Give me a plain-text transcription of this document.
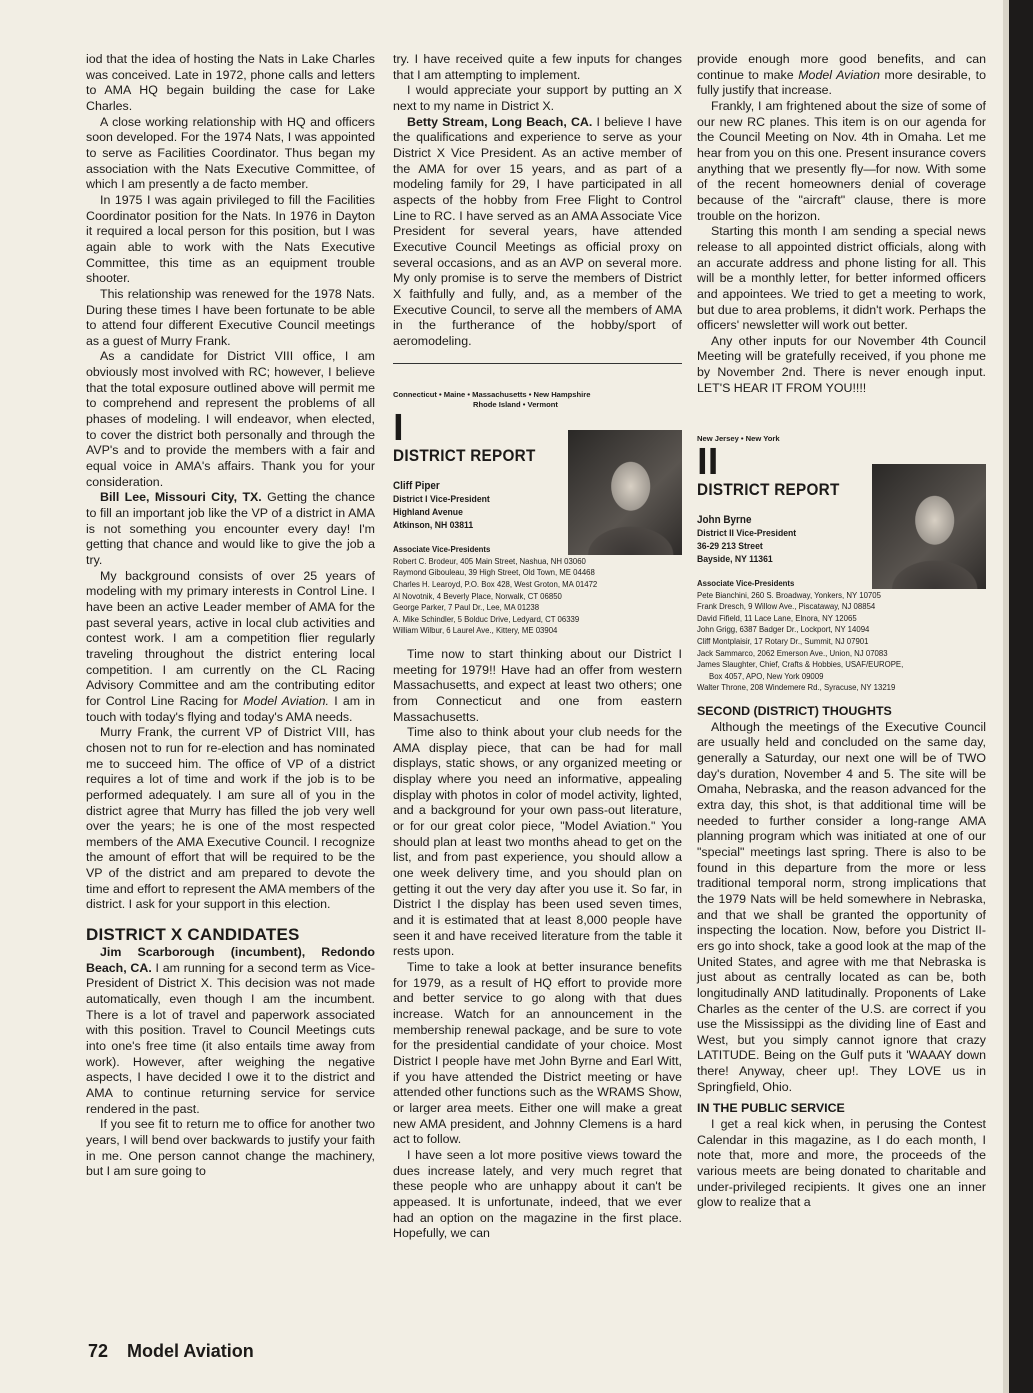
iod that the idea of hosting the Nats in Lake Charles was conceived. Late in 1972, phone calls and letters to AMA HQ begain building the case for Lake Charles.

A close working relationship with HQ and officers soon developed. For the 1974 Nats, I was appointed to serve as Facilities Coordinator. Thus began my association with the Nats Executive Committee, of which I am presently a de facto member.

In 1975 I was again privileged to fill the Facilities Coordinator position for the Nats. In 1976 in Dayton it required a local person for this position, but I was again able to work with the Nats Executive Committee, this time as an equipment trouble shooter.

This relationship was renewed for the 1978 Nats. During these times I have been fortunate to be able to attend four different Executive Council meetings as a guest of Murry Frank.

As a candidate for District VIII office, I am obviously most involved with RC; however, I believe that the total exposure outlined above will permit me to comprehend and represent the problems of all phases of modeling. I will endeavor, when elected, to cover the district both personally and through the AVP's and to provide the members with a fair and equal voice in AMA's affairs. Thank you for your consideration.

Bill Lee, Missouri City, TX. Getting the chance to fill an important job like the VP of a district in AMA is not something you encounter every day! I'm getting that chance and would like to give the job a try.

My background consists of over 25 years of modeling with my primary interests in Control Line. I have been an active Leader member of AMA for the past several years, active in local club activities and contest work. I am a competition flier regularly traveling throughout the district entering local competition. I am currently on the CL Racing Advisory Committee and am the contributing editor for Control Line Racing for Model Aviation. I am in touch with today's flying and today's AMA needs.

Murry Frank, the current VP of District VIII, has chosen not to run for re-election and has nominated me to succeed him. The office of VP of a district requires a lot of time and work if the job is to be performed adequately. I am sure all of you in the district agree that Murry has filled the job very well over the years; he is one of the most respected members of the AMA Executive Council. I recognize the amount of effort that will be required to be the VP of the district and am prepared to devote the time and effort to represent the AMA members of the district. I ask for your support in this election.

DISTRICT X CANDIDATES

Jim Scarborough (incumbent), Redondo Beach, CA. I am running for a second term as Vice-President of District X. This decision was not made automatically, even though I am the incumbent. There is a lot of travel and paperwork associated with this position. Travel to Council Meetings cuts into one's free time (it also entails time away from work). However, after weighing the negative aspects, I have decided I owe it to the district and AMA to continue returning service for service rendered in the past.

If you see fit to return me to office for another two years, I will bend over backwards to justify your faith in me. One person cannot change the machinery, but I am sure going to

try. I have received quite a few inputs for changes that I am attempting to implement.

I would appreciate your support by putting an X next to my name in District X.

Betty Stream, Long Beach, CA. I believe I have the qualifications and experience to serve as your District X Vice President. As an active member of the AMA for over 15 years, and as part of a modeling family for 29, I have participated in all aspects of the hobby from Free Flight to Control Line to RC. I have served as an AMA Associate Vice President for several years, have attended Executive Council Meetings as official proxy on several occasions, and as an AVP on several more. My only promise is to serve the members of District X faithfully and fully, and, as a member of the Executive Council, to serve all the members of AMA in the furtherance of the hobby/sport of aeromodeling.

Connecticut • Maine • Massachusetts • New Hampshire
Rhode Island • Vermont
I
DISTRICT REPORT
Cliff Piper
District I Vice-President
Highland Avenue
Atkinson, NH 03811
Associate Vice-Presidents
Robert C. Brodeur, 405 Main Street, Nashua, NH 03060
Raymond Gibouleau, 39 High Street, Old Town, ME 04468
Charles H. Learoyd, P.O. Box 428, West Groton, MA 01472
Al Novotnik, 4 Beverly Place, Norwalk, CT 06850
George Parker, 7 Paul Dr., Lee, MA 01238
A. Mike Schindler, 5 Bolduc Drive, Ledyard, CT 06339
William Wilbur, 6 Laurel Ave., Kittery, ME 03904

Time now to start thinking about our District I meeting for 1979!! Have had an offer from western Massachusetts, and expect at least two others; one from Connecticut and one from eastern Massachusetts.

Time also to think about your club needs for the AMA display piece, that can be had for mall displays, static shows, or any organized meeting or display where you need an informative, appealing display with photos in color of model activity, lighted, and a background for your own pass-out literature, or for our great color piece, "Model Aviation." You should plan at least two months ahead to get on the list, and from past experience, you should allow a one week delivery time, and you should plan on getting it out the very day after you use it. So far, in District I the display has been used seven times, and it is estimated that at least 8,000 people have seen it and have received literature from the table it rests upon.

Time to take a look at better insurance benefits for 1979, as a result of HQ effort to provide more and better service to go along with that dues increase. Watch for an announcement in the membership renewal package, and be sure to vote for the presidential candidate of your choice. Most District I people have met John Byrne and Earl Witt, if you have attended the District meeting or have attended other functions such as the WRAMS Show, or larger area meets. Either one will make a great new AMA president, and Johnny Clemens is a hard act to follow.

I have seen a lot more positive views toward the dues increase lately, and very much regret that these people who are unhappy about it can't be appeased. It is unfortunate, indeed, that we ever had an option on the magazine in the first place. Hopefully, we can

provide enough more good benefits, and can continue to make Model Aviation more desirable, to fully justify that increase.

Frankly, I am frightened about the size of some of our new RC planes. This item is on our agenda for the Council Meeting on Nov. 4th in Omaha. Let me hear from you on this one. Present insurance covers anything that we presently fly—for now. With some of the recent homeowners denial of coverage because of the "aircraft" clause, there is more trouble on the horizon.

Starting this month I am sending a special news release to all appointed district officials, along with an accurate address and phone listing for all. This will be a monthly letter, for better informed officers and appointees. We tried to get a meeting to work, but due to area problems, it didn't work. Perhaps the officers' newsletter will work out better.

Any other inputs for our November 4th Council Meeting will be gratefully received, if you phone me by November 2nd. There is never enough input. LET'S HEAR IT FROM YOU!!!!

New Jersey • New York
II
DISTRICT REPORT
John Byrne
District II Vice-President
36-29 213 Street
Bayside, NY 11361
Associate Vice-Presidents
Pete Bianchini, 260 S. Broadway, Yonkers, NY 10705
Frank Dresch, 9 Willow Ave., Piscataway, NJ 08854
David Fifield, 11 Lace Lane, Elnora, NY 12065
John Grigg, 6387 Badger Dr., Lockport, NY 14094
Cliff Montplaisir, 17 Rotary Dr., Summit, NJ 07901
Jack Sammarco, 2062 Emerson Ave., Union, NJ 07083
James Slaughter, Chief, Crafts & Hobbies, USAF/EUROPE,
Box 4057, APO, New York 09009
Walter Throne, 208 Windemere Rd., Syracuse, NY 13219
SECOND (DISTRICT) THOUGHTS

Although the meetings of the Executive Council are usually held and concluded on the same day, generally a Saturday, our next one will be of TWO day's duration, November 4 and 5. The site will be Omaha, Nebraska, and the reason advanced for the extra day, this shot, is that additional time will be needed to further consider a long-range AMA planning program which was initiated at one of our "special" meetings last spring. There is also to be found in this departure from the more or less traditional temporal norm, strong implications that the 1979 Nats will be held somewhere in Nebraska, and that we shall be granted the opportunity of inspecting the location. Now, before you District II-ers go into shock, take a good look at the map of the United States, and agree with me that Nebraska is just about as centrally located as can be, both longitudinally AND latitudinally. Proponents of Lake Charles as the center of the U.S. are correct if you use the Mississippi as the dividing line of East and West, but you simply cannot ignore that crazy LATITUDE. Being on the Gulf puts it 'WAAAY down there! Anyway, cheer up!. They LOVE us in Springfield, Ohio.

IN THE PUBLIC SERVICE

I get a real kick when, in perusing the Contest Calendar in this magazine, as I do each month, I note that, more and more, the proceeds of the various meets are being donated to charitable and under-privileged recipients. It gives one an inner glow to realize that a

72 Model Aviation
